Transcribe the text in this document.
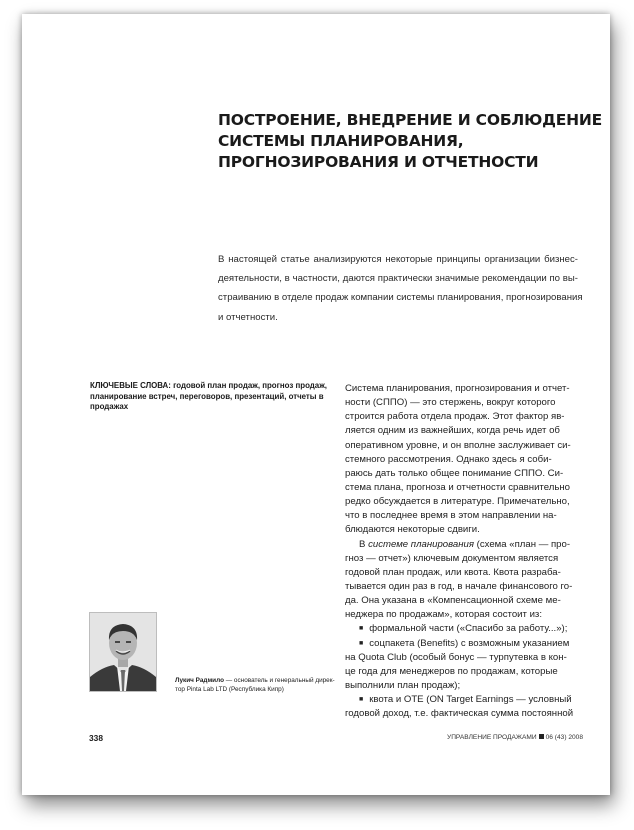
ПОСТРОЕНИЕ, ВНЕДРЕНИЕ И СОБЛЮДЕНИЕ
СИСТЕМЫ ПЛАНИРОВАНИЯ,
ПРОГНОЗИРОВАНИЯ И ОТЧЕТНОСТИ
В настоящей статье анализируются некоторые принципы организации бизнес-
деятельности, в частности, даются практически значимые рекомендации по вы-
страиванию в отделе продаж компании системы планирования, прогнозирования
и отчетности.
КЛЮЧЕВЫЕ СЛОВА: годовой план продаж, прогноз продаж,
планирование встреч, переговоров, презентаций, отчеты в
продажах
Система планирования, прогнозирования и отчет-
ности (СППО) — это стержень, вокруг которого
строится работа отдела продаж. Этот фактор яв-
ляется одним из важнейших, когда речь идет об
оперативном уровне, и он вполне заслуживает си-
стемного рассмотрения. Однако здесь я соби-
раюсь дать только общее понимание СППО. Си-
стема плана, прогноза и отчетности сравнительно
редко обсуждается в литературе. Примечательно,
что в последнее время в этом направлении на-
блюдаются некоторые сдвиги.
В системе планирования (схема «план — про-
гноз — отчет») ключевым документом является
годовой план продаж, или квота. Квота разраба-
тывается один раз в год, в начале финансового го-
да. Она указана в «Компенсационной схеме ме-
неджера по продажам», которая состоит из:
■ формальной части («Спасибо за работу...»);
■ соцпакета (Benefits) с возможным указанием
на Quota Club (особый бонус — турпутевка в кон-
це года для менеджеров по продажам, которые
выполнили план продаж);
■ квота и OTE (ON Target Earnings — условный
годовой доход, т.е. фактическая сумма постоянной
Лукич Радмило — основатель и генеральный дирек-
тор Pinta Lab LTD (Республика Кипр)
338	УПРАВЛЕНИЕ ПРОДАЖАМИ 06 (43) 2008
